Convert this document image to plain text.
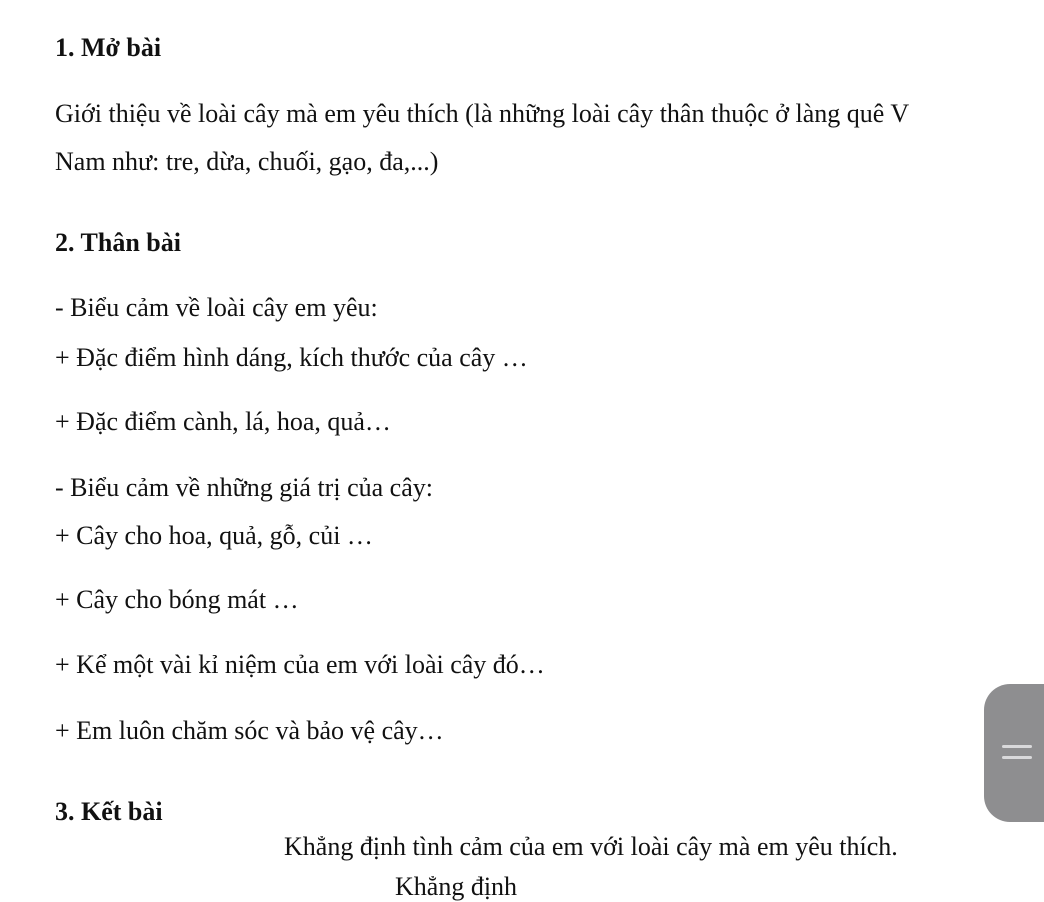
1. Mở bài

Giới thiệu về loài cây mà em yêu thích (là những loài cây thân thuộc ở làng quê V

Nam như: tre, dừa, chuối, gạo, đa,...)

2. Thân bài

- Biểu cảm về loài cây em yêu:

+ Đặc điểm hình dáng, kích thước của cây …

+ Đặc điểm cành, lá, hoa, quả…

- Biểu cảm về những giá trị của cây:

+ Cây cho hoa, quả, gỗ, củi …

+ Cây cho bóng mát …

+ Kể một vài kỉ niệm của em với loài cây đó…

+ Em luôn chăm sóc và bảo vệ cây…

3. Kết bài

Khẳng định tình cảm của em với loài cây mà em yêu thích.

Khẳng định
